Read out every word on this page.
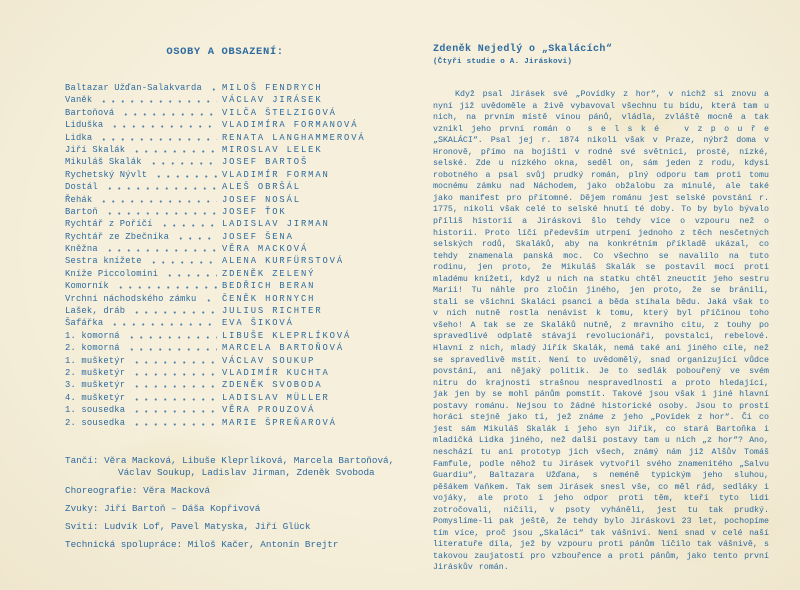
OSOBY A OBSAZENÍ:
Baltazar Užďan-Salakvarda MILOŠ FENDRYCH
Vaněk	VÁCLAV JIRÁSEK
Bartoňová	VILČA ŠTELZIGOVÁ
Liduška	VLADIMÍRA FORMANOVÁ
Lidka	RENATA LANGHAMMEROVÁ
Jiří Skalák	MIROSLAV LELEK
Mikuláš Skalák	JOSEF BARTOŠ
Rychetský Nývlt	VLADIMÍR FORMAN
Dostál	ALEŠ OBRŠÁL
Řehák	JOSEF NOSÁL
Bartoň	JOSEF ŤOK
Rychtář z Poříčí	LADISLAV JIRMAN
Rychtář ze Zbečníka	JOSEF ŠENA
Kněžna	VĚRA MACKOVÁ
Sestra knížete	ALENA KURFÜRSTOVÁ
Kníže Piccolomini	ZDENĚK ZELENÝ
Komorník	BEDŘICH BERAN
Vrchní náchodského zámku	ČENĚK HORNYCH
Lašek, dráb	JULIUS RICHTER
Šafářka	EVA ŠIKOVÁ
1. komorná	LIBUŠE KLEPRLÍKOVÁ
2. komorná	MARCELA BARTOŇOVÁ
1. mušketýr	VÁCLAV SOUKUP
2. mušketýr	VLADIMÍR KUCHTA
3. mušketýr	ZDENĚK SVOBODA
4. mušketýr	LADISLAV MÜLLER
1. sousedka	VĚRA PROUZOVÁ
2. sousedka	MARIE ŠPREŇAROVÁ

Tančí: Věra Macková, Libuše Kleprlíková, Marcela Bartoňová, Václav Soukup, Ladislav Jirman, Zdeněk Svoboda

Choreografie: Věra Macková

Zvuky: Jiří Bartoň – Dáša Kopřivová

Svítí: Ludvík Lof, Pavel Matyska, Jiří Glück

Technická spolupráce: Miloš Kačer, Antonín Brejtr

Zdeněk Nejedlý o „Skalácích“
(Čtyři studie o A. Jiráskovi)

Když psal Jirásek své „Povídky z hor“, v nichž si znovu a nyní již uvědoměle a živě vybavoval všechnu tu bídu, která tam u nich, na prvním místě vinou pánů, vládla, zvláště mocně a tak vznikl jeho první román o  s e l s k é   v z p o u ř e  „SKALÁCI“. Psal jej r. 1874 nikoli však v Praze, nýbrž doma v Hronově, přímo na bojišti v rodné své světnici, prosté, nízké, selské. Zde u nízkého okna, seděl on, sám jeden z rodu, kdysi robotného a psal svůj prudký román, plný odporu tam proti tomu mocnému zámku nad Náchodem, jako obžalobu za minulé, ale také jako manifest pro přítomné. Dějem románu jest selské povstání r. 1775, nikoli však celé to selské hnutí té doby. To by bylo bývalo příliš historií a Jiráskovi šlo tehdy více o vzpouru než o historii. Proto líčí především utrpení jednoho z těch nesčetných selských rodů, Skaláků, aby na konkrétním příkladě ukázal, co tehdy znamenala panská moc. Co všechno se navalilo na tuto rodinu, jen proto, že Mikuláš Skalák se postavil mocí proti mladému knížeti, když u nich na statku chtěl zneuctít jeho sestru Marii! Tu náhle pro zločin jiného, jen proto, že se bránili, stali se všichni Skaláci psanci a běda stíhala bědu. Jaká však to v nich nutně rostla nenávist k tomu, který byl příčinou toho všeho! A tak se ze Skaláků nutně, z mravního citu, z touhy po spravedlivé odplatě stávají revolucionáři, povstalci, rebelové. Hlavní z nich, mladý Jiřík Skalák, nemá také ani jiného cíle, než se spravedlivě mstít. Není to uvědomělý, snad organizující vůdce povstání, ani nějaký politik. Je to sedlák pobouřený ve svém nitru do krajnosti strašnou nespravedlností a proto hledající, jak jen by se mohl pánům pomstít. Takové jsou však i jiné hlavní postavy románu. Nejsou to žádné historické osoby. Jsou to prostí horáci stejně jako ti, jež známe z jeho „Povídek z hor“. Či co jest sám Mikuláš Skalák i jeho syn Jiřík, co stará Bartoňka i mladičká Lidka jiného, než další postavy tam u nich „z hor“? Ano, neschází tu ani prototyp jich všech, známý nám již Alšův Tomáš Famfule, podle něhož tu Jirásek vytvořil svého znamenitého „Salvu Guardiu“, Baltazara Užďana, s neméně typickým jeho sluhou, pěšákem Vaňkem. Tak sem Jirásek snesl vše, co měl rád, sedláky i vojáky, ale proto i jeho odpor proti těm, kteří tyto lidi zotročovali, ničili, v psoty vyháněli, jest tu tak prudký. Pomyslíme-li pak ještě, že tehdy bylo Jiráskovi 23 let, pochopíme tím více, proč jsou „Skaláci“ tak vášniví. Není snad v celé naší literatuře díla, jež by vzpouru proti pánům líčilo tak vášnivě, s takovou zaujatostí pro vzbouřence a proti pánům, jako tento první Jiráskův román.
